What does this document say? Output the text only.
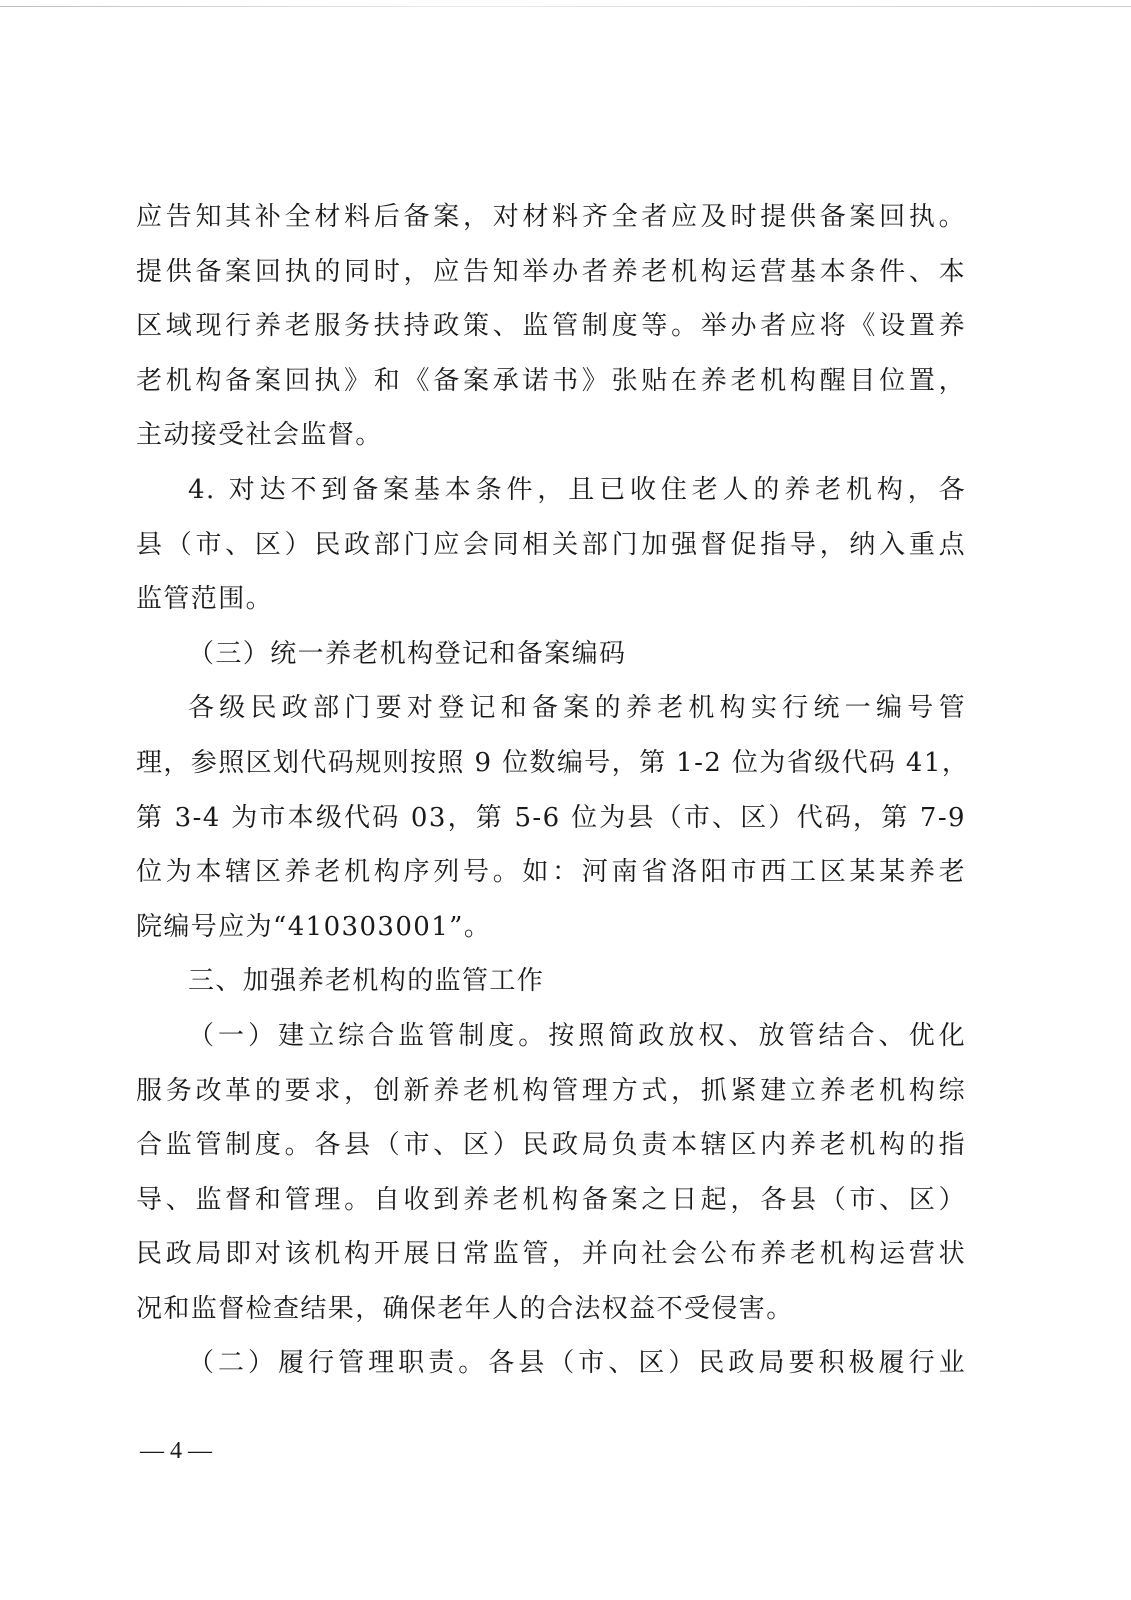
应告知其补全材料后备案，对材料齐全者应及时提供备案回执。
提供备案回执的同时，应告知举办者养老机构运营基本条件、本
区域现行养老服务扶持政策、监管制度等。举办者应将《设置养
老机构备案回执》和《备案承诺书》张贴在养老机构醒目位置，
主动接受社会监督。
4. 对达不到备案基本条件，且已收住老人的养老机构，各
县（市、区）民政部门应会同相关部门加强督促指导，纳入重点
监管范围。
（三）统一养老机构登记和备案编码
各级民政部门要对登记和备案的养老机构实行统一编号管
理，参照区划代码规则按照 9 位数编号，第 1-2 位为省级代码 41，
第 3-4 为市本级代码 03，第 5-6 位为县（市、区）代码，第 7-9
位为本辖区养老机构序列号。如：河南省洛阳市西工区某某养老
院编号应为“410303001”。
三、加强养老机构的监管工作
（一）建立综合监管制度。按照简政放权、放管结合、优化
服务改革的要求，创新养老机构管理方式，抓紧建立养老机构综
合监管制度。各县（市、区）民政局负责本辖区内养老机构的指
导、监督和管理。自收到养老机构备案之日起，各县（市、区）
民政局即对该机构开展日常监管，并向社会公布养老机构运营状
况和监督检查结果，确保老年人的合法权益不受侵害。
（二）履行管理职责。各县（市、区）民政局要积极履行业
— 4 —
